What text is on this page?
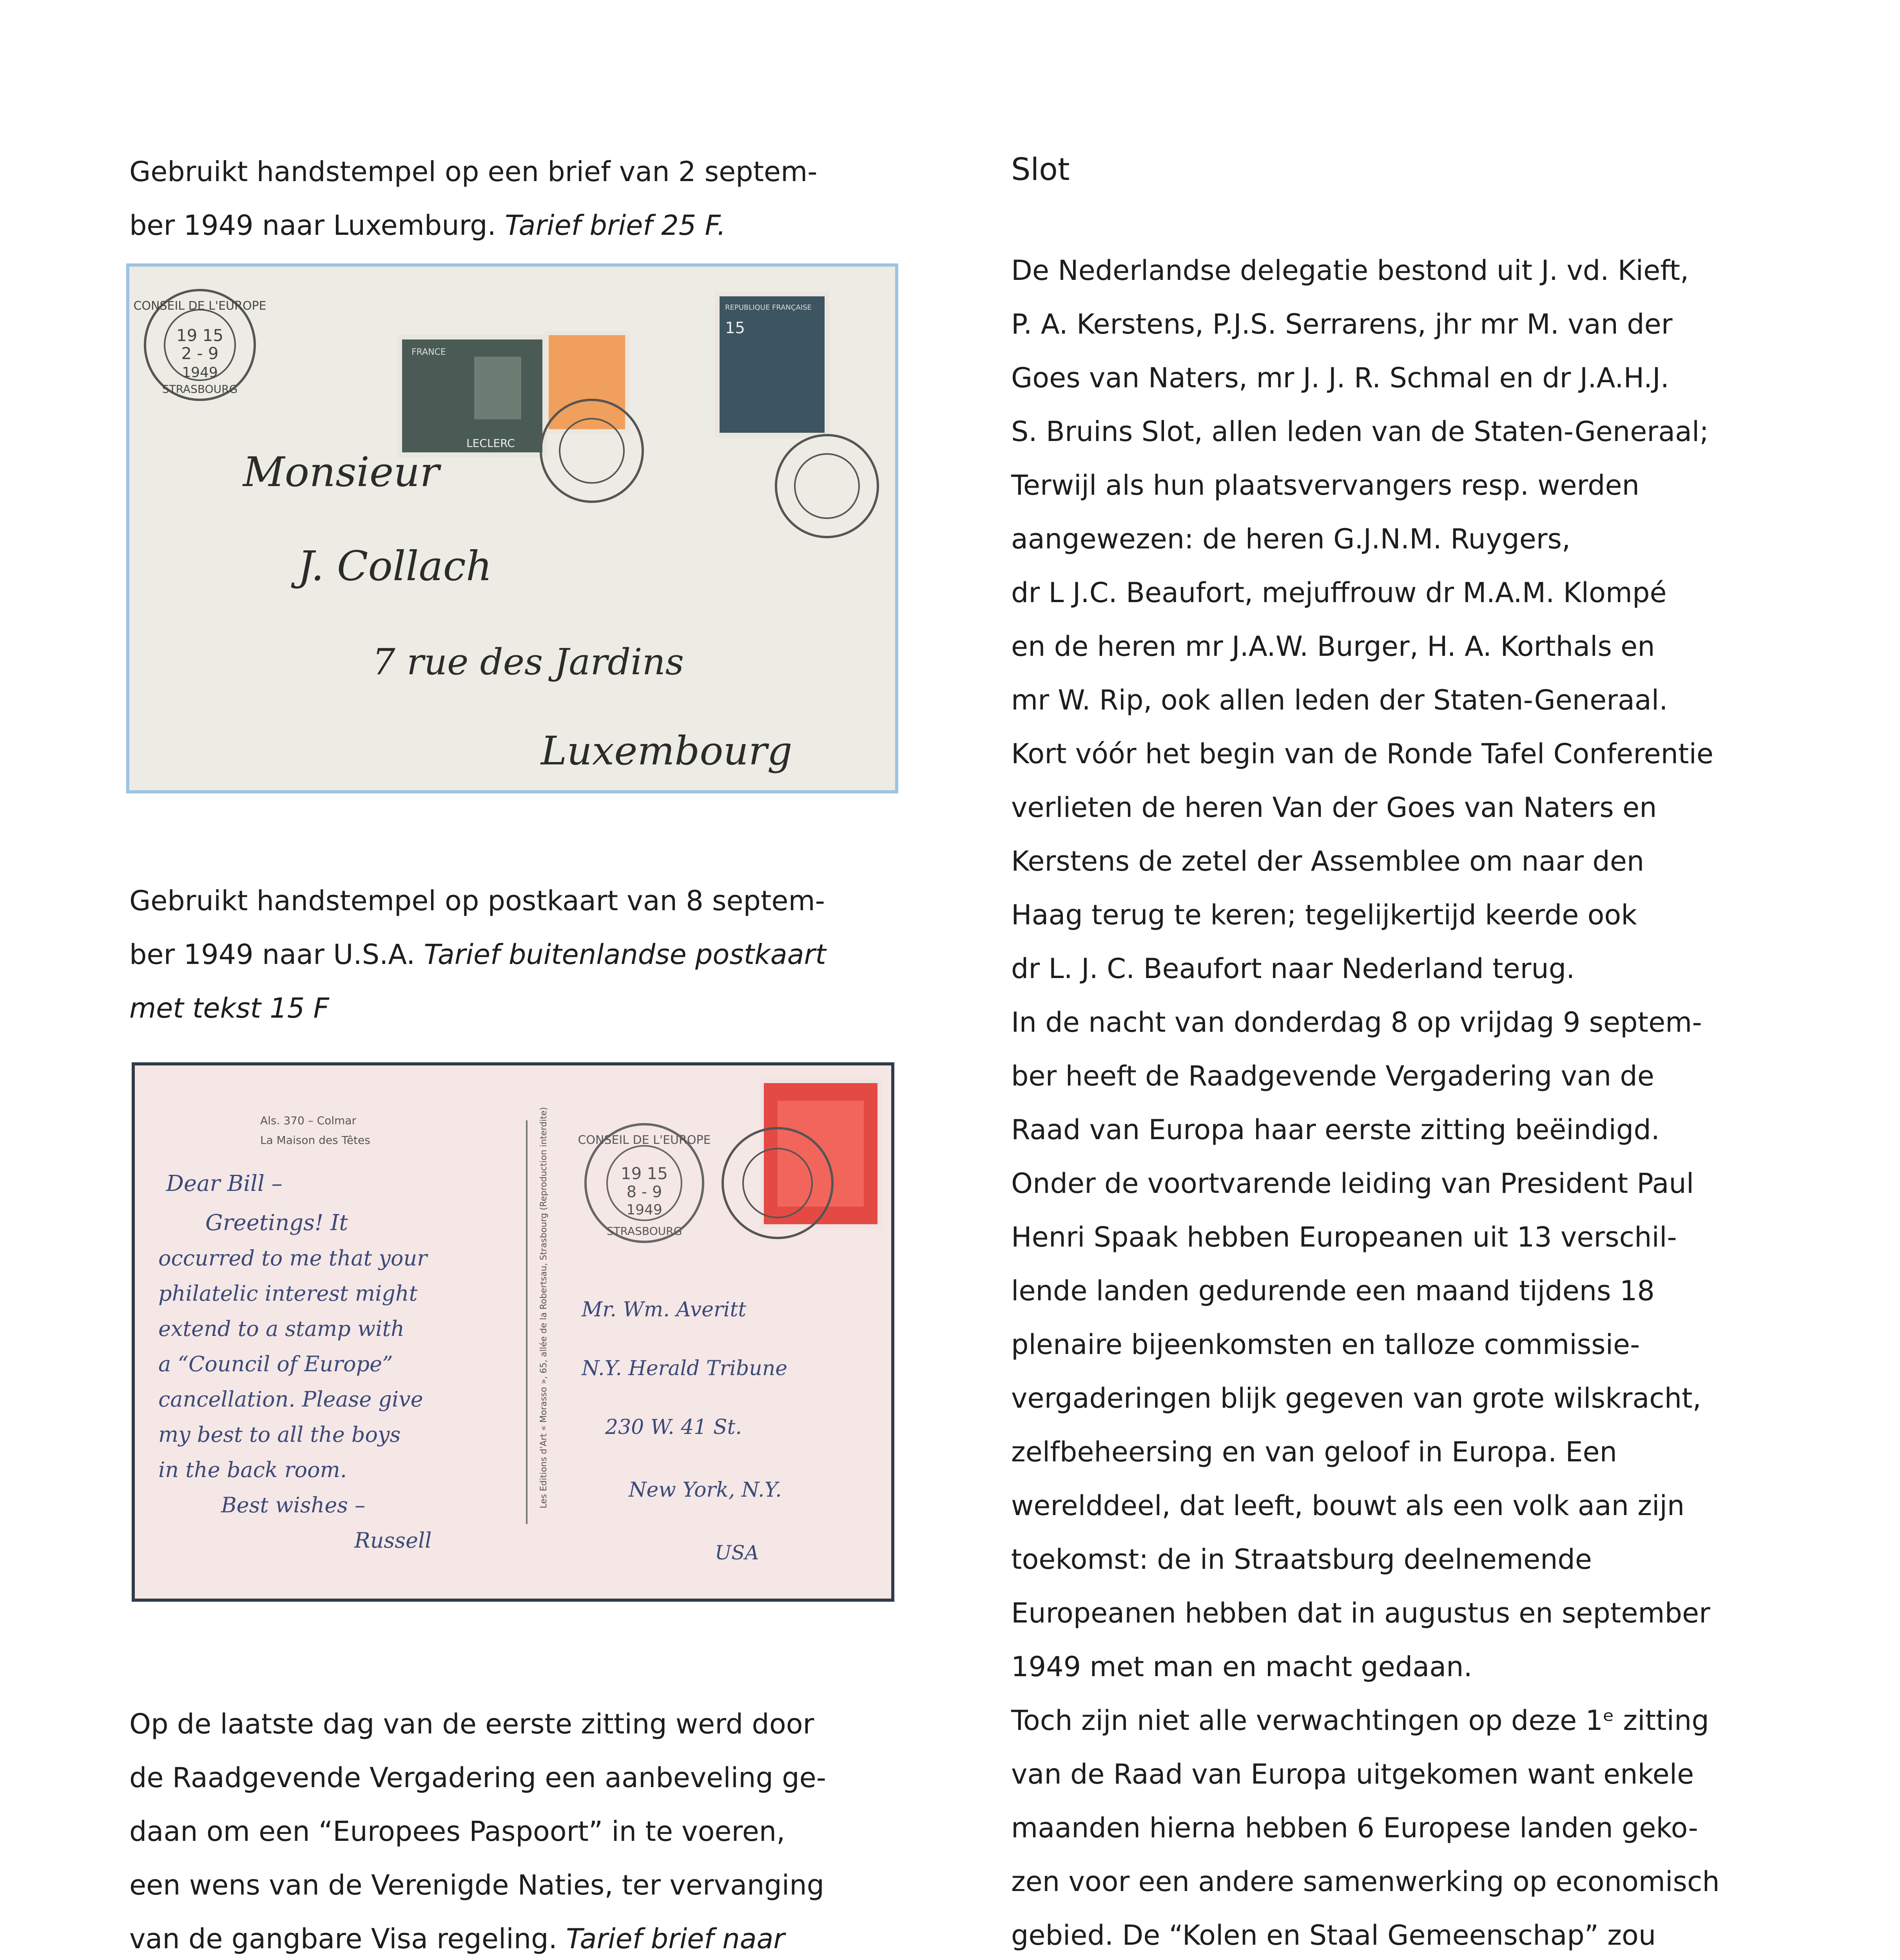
Gebruikt handstempel op een brief van 2 septem-

ber 1949 naar Luxemburg. Tarief brief 25 F.

FRANCE
LECLERC
REPUBLIQUE FRANÇAISE
15
CONSEIL DE L'EUROPE
19 15
2 - 9
1949
STRASBOURG
Monsieur
J. Collach
7 rue des Jardins
Luxembourg

Gebruikt handstempel op postkaart van 8 septem-

ber 1949 naar U.S.A. Tarief buitenlandse postkaart

met tekst 15 F

Als. 370 – Colmar
La Maison des Têtes	Les Editions d'Art « Morasso », 65, allée de la Robertsau, Strasbourg (Reproduction interdite) CONSEIL DE L'EUROPE
19 15
8 - 9
1949
STRASBOURG
Dear Bill –
Greetings! It
occurred to me that your
philatelic interest might
extend to a stamp with
a “Council of Europe”
cancellation. Please give
my best to all the boys
in the back room.
Best wishes –
Russell
Mr. Wm. Averitt
N.Y. Herald Tribune
230 W. 41 St.
New York, N.Y.
USA

Op de laatste dag van de eerste zitting werd door

de Raadgevende Vergadering een aanbeveling ge-

daan om een “Europees Paspoort” in te voeren,

een wens van de Verenigde Naties, ter vervanging

van de gangbare Visa regeling. Tarief brief naar

Slot

De Nederlandse delegatie bestond uit J. vd. Kieft,

P. A. Kerstens, P.J.S. Serrarens, jhr mr M. van der

Goes van Naters, mr J. J. R. Schmal en dr J.A.H.J.

S. Bruins Slot, allen leden van de Staten-Generaal;

Terwijl als hun plaatsvervangers resp. werden

aangewezen: de heren G.J.N.M. Ruygers,

dr L J.C. Beaufort, mejuffrouw dr M.A.M. Klompé

en de heren mr J.A.W. Burger, H. A. Korthals en

mr W. Rip, ook allen leden der Staten-Generaal.

Kort vóór het begin van de Ronde Tafel Conferentie

verlieten de heren Van der Goes van Naters en

Kerstens de zetel der Assemblee om naar den

Haag terug te keren; tegelijkertijd keerde ook

dr L. J. C. Beaufort naar Nederland terug.

In de nacht van donderdag 8 op vrijdag 9 septem-

ber heeft de Raadgevende Vergadering van de

Raad van Europa haar eerste zitting beëindigd.

Onder de voortvarende leiding van President Paul

Henri Spaak hebben Europeanen uit 13 verschil-

lende landen gedurende een maand tijdens 18

plenaire bijeenkomsten en talloze commissie-

vergaderingen blijk gegeven van grote wilskracht,

zelfbeheersing en van geloof in Europa. Een

werelddeel, dat leeft, bouwt als een volk aan zijn

toekomst: de in Straatsburg deelnemende

Europeanen hebben dat in augustus en september

1949 met man en macht gedaan.

Toch zijn niet alle verwachtingen op deze 1ᵉ zitting

van de Raad van Europa uitgekomen want enkele

maanden hierna hebben 6 Europese landen geko-

zen voor een andere samenwerking op economisch

gebied. De “Kolen en Staal Gemeenschap” zou
